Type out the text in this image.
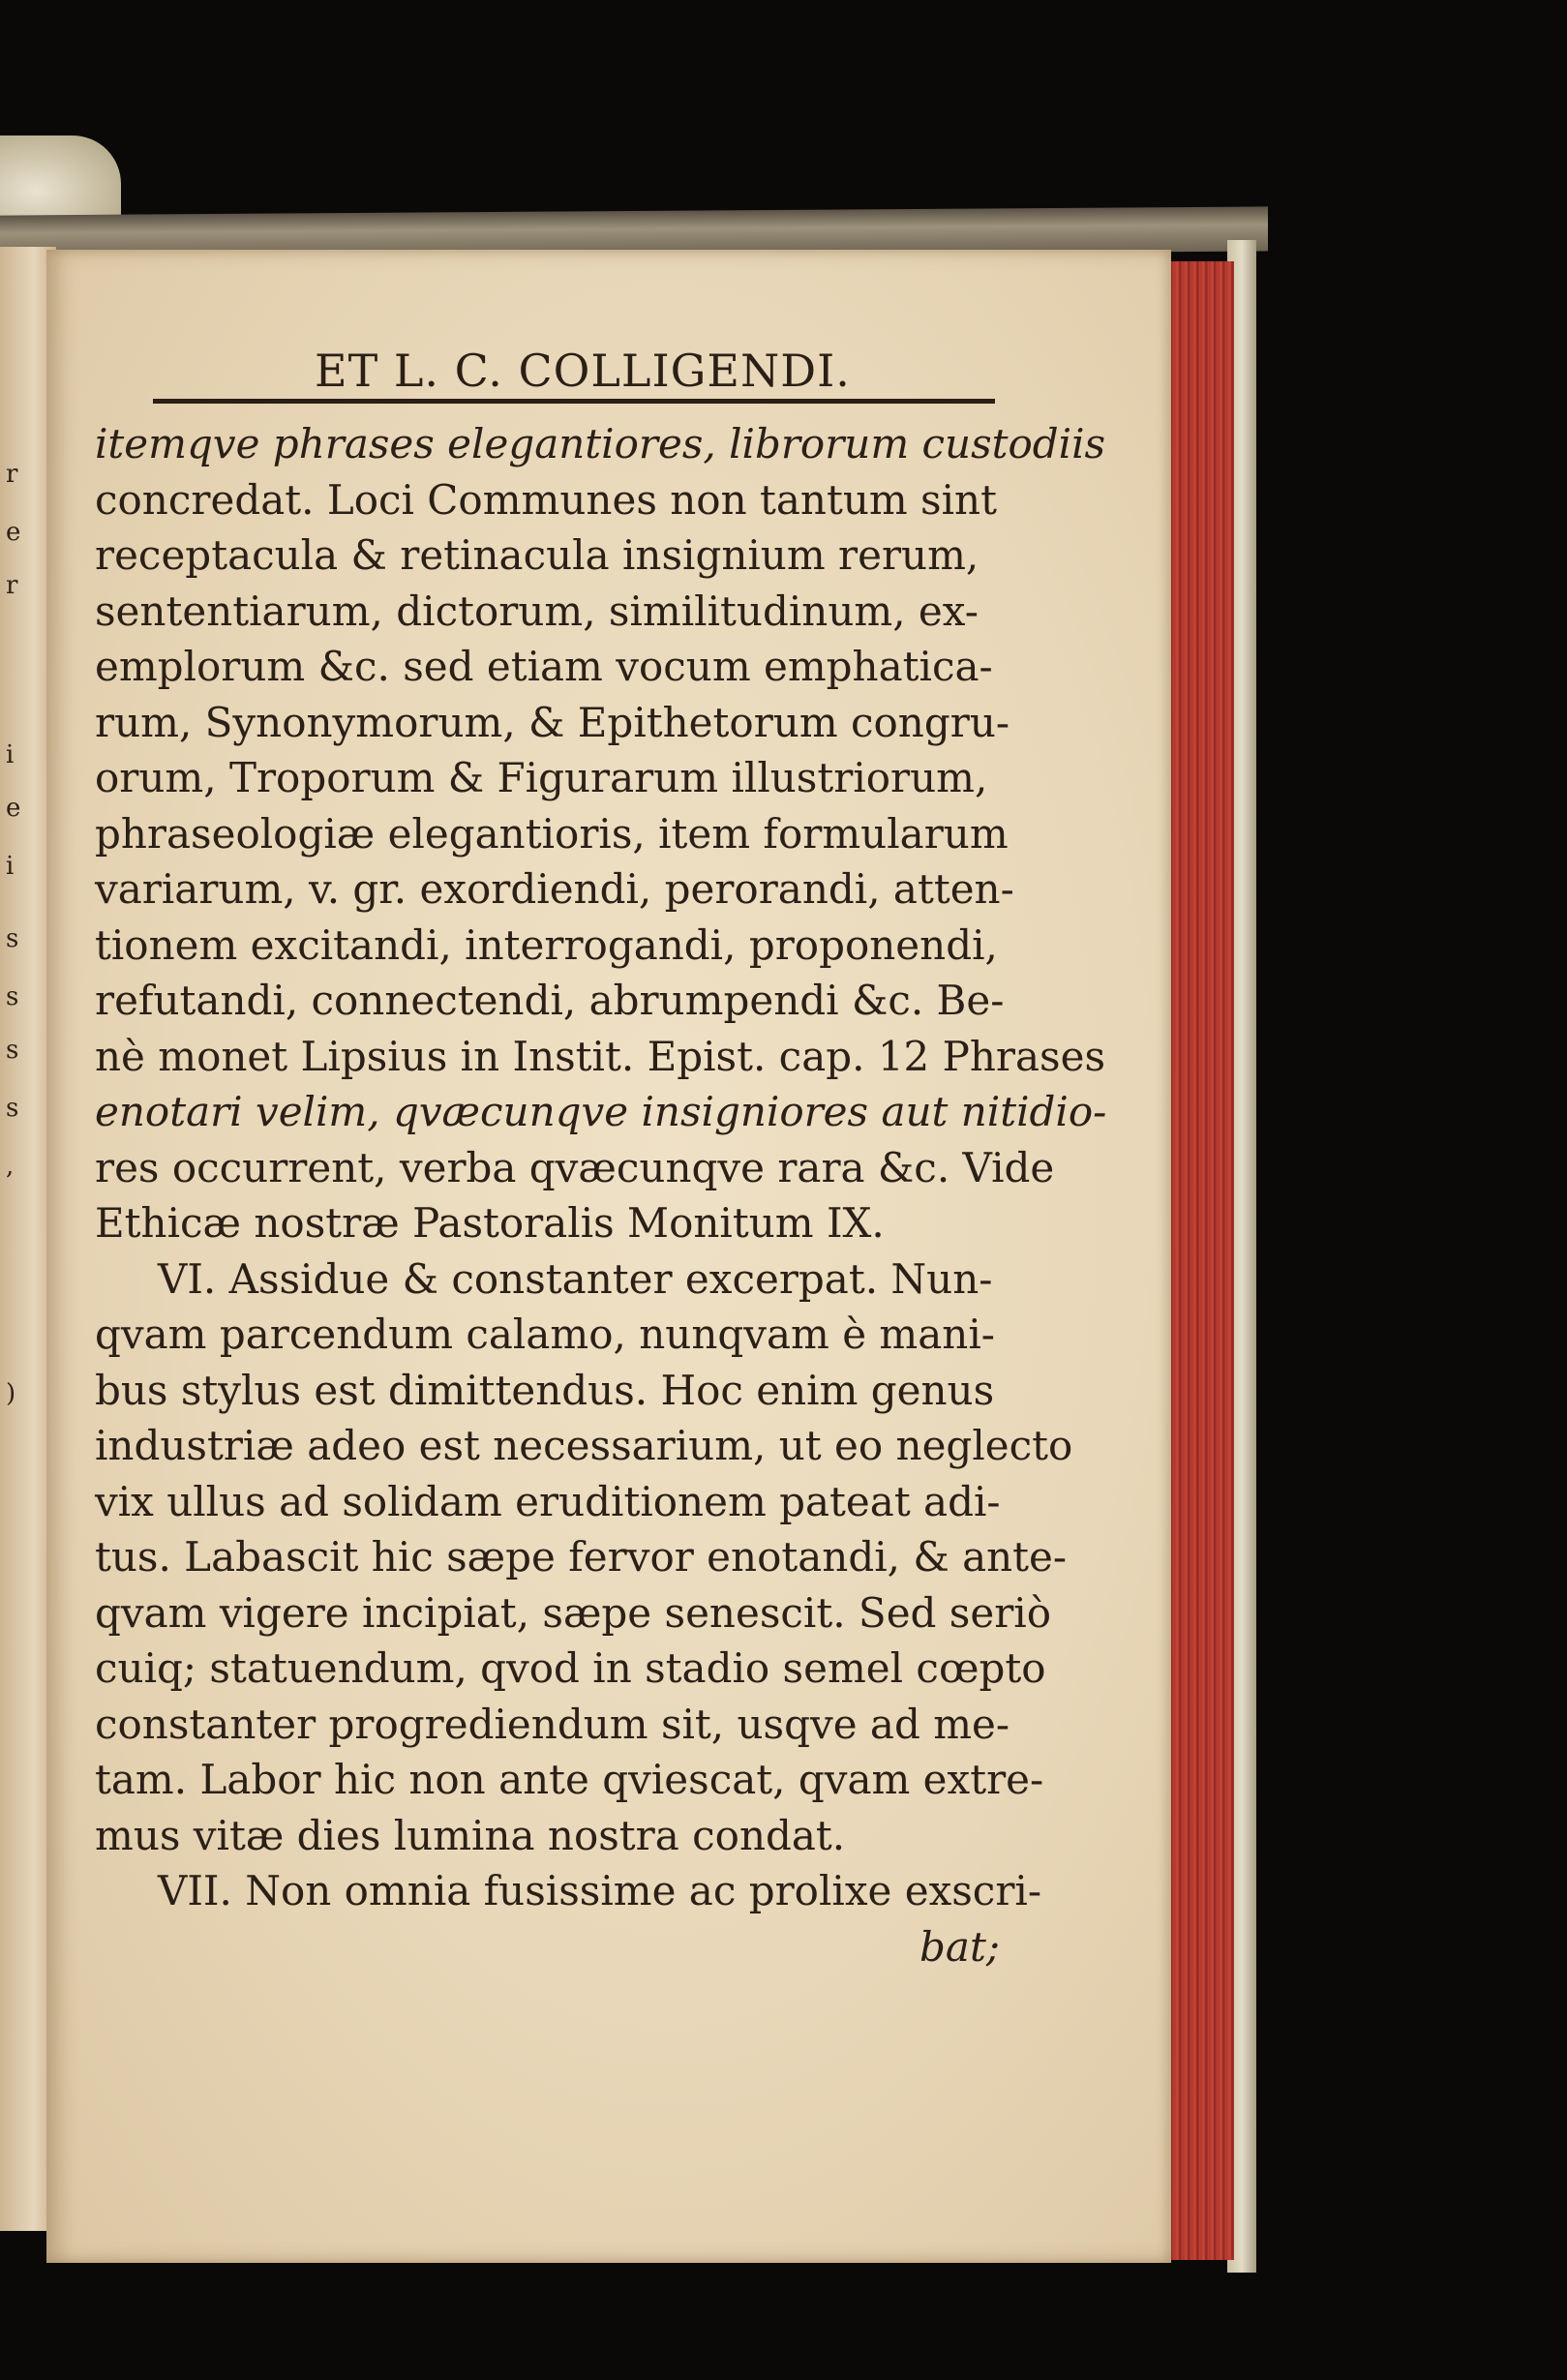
r
e
r
i
e
i
s
s
s
s
,
)
ET L. C. COLLIGENDI.
itemqve phrases elegantiores, librorum custodiis
concredat. Loci Communes non tantum sint
receptacula & retinacula insignium rerum,
sententiarum, dictorum, similitudinum, ex-
emplorum &c. sed etiam vocum emphatica-
rum, Synonymorum, & Epithetorum congru-
orum, Troporum & Figurarum illustriorum,
phraseologiæ elegantioris, item formularum
variarum, v. gr. exordiendi, perorandi, atten-
tionem excitandi, interrogandi, proponendi,
refutandi, connectendi, abrumpendi &c. Be-
nè monet Lipsius in Instit. Epist. cap. 12 Phrases
enotari velim, qvæcunqve insigniores aut nitidio-
res occurrent, verba qvæcunqve rara &c. Vide
Ethicæ nostræ Pastoralis Monitum IX.
VI. Assidue & constanter excerpat. Nun-
qvam parcendum calamo, nunqvam è mani-
bus stylus est dimittendus. Hoc enim genus
industriæ adeo est necessarium, ut eo neglecto
vix ullus ad solidam eruditionem pateat adi-
tus. Labascit hic sæpe fervor enotandi, & ante-
qvam vigere incipiat, sæpe senescit. Sed seriò
cuiq; statuendum, qvod in stadio semel cœpto
constanter progrediendum sit, usqve ad me-
tam. Labor hic non ante qviescat, qvam extre-
mus vitæ dies lumina nostra condat.
VII. Non omnia fusissime ac prolixe exscri-
bat;
